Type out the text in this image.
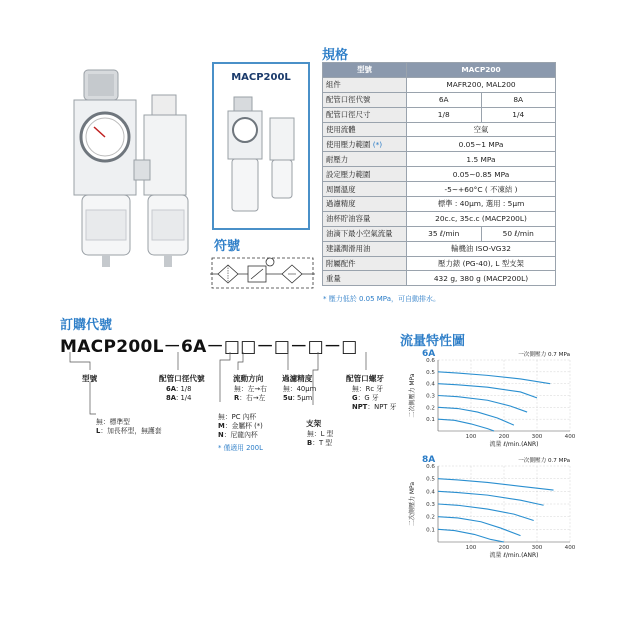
MACP200L
符號
規格
型號	MACP200	
組件	MAFR200, MAL200	
配管口徑代號	6A	8A
配管口徑尺寸	1/8	1/4
使用流體	空氣	
使用壓力範圍 (*)	0.05~1 MPa	
耐壓力	1.5 MPa	
設定壓力範圍	0.05~0.85 MPa	
周圍溫度	-5~+60°C ( 不凍結 )	
過濾精度	標準 : 40μm, 選用 : 5μm	
油杯貯油容量	20c.c, 35c.c (MACP200L)	
油滴下最小空氣流量	35 ℓ/min	50 ℓ/min
建議潤滑用油	輪機油 ISO-VG32	
附屬配件	壓力錶 (PG-40), L 型支架	
重量	432 g, 380 g (MACP200L)	
* 壓力低於 0.05 MPa，可自動排水。
訂購代號
MACP200L－6A－□□－□－□－□
型號
無：標準型
L：加長杯型，無護套
配管口徑代號
6A: 1/8
8A: 1/4
流動方向
無：左→右
R：右→左
無：PC 內杯
M：金屬杯 (*)
N：尼龍內杯
* 僅適用 200L
過濾精度
無：40μm
5u: 5μm
支架
無：L 型
B：T 型
配管口螺牙
無：Rc 牙
G：G 牙
NPT：NPT 牙
流量特性圖
6A	一次側壓力 0.7 MPa
0.1
0.2
0.3
0.4
0.5
0.6
100	200	300	400
流量 ℓ/min.(ANR)
二次側壓力 MPa
8A	一次側壓力 0.7 MPa
0.1
0.2
0.3
0.4
0.5
0.6
100	200	300	400
流量 ℓ/min.(ANR)
二次側壓力 MPa
